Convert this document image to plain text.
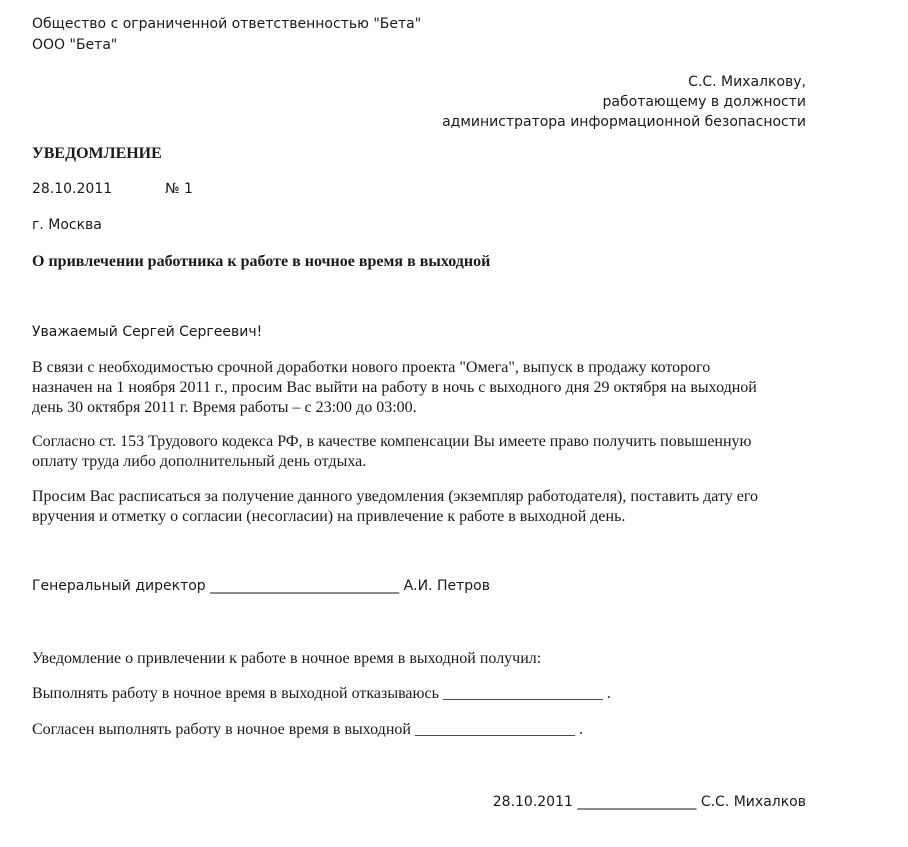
Общество с ограниченной ответственностью "Бета"

ООО "Бета"

С.С. Михалкову,
работающему в должности
администратора информационной безопасности

УВЕДОМЛЕНИЕ

28.10.2011	№ 1

г. Москва

О привлечении работника к работе в ночное время в выходной

Уважаемый Сергей Сергеевич!

В связи с необходимостью срочной доработки нового проекта "Омега", выпуск в продажу которого
назначен на 1 ноября 2011 г., просим Вас выйти на работу в ночь с выходного дня 29 октября на выходной
день 30 октября 2011 г. Время работы – с 23:00 до 03:00.
Согласно ст. 153 Трудового кодекса РФ, в качестве компенсации Вы имеете право получить повышенную
оплату труда либо дополнительный день отдыха.
Просим Вас расписаться за получение данного уведомления (экземпляр работодателя), поставить дату его
вручения и отметку о согласии (несогласии) на привлечение к работе в выходной день.

Генеральный директор ___________________________ А.И. Петров

Уведомление о привлечении к работе в ночное время в выходной получил:

Выполнять работу в ночное время в выходной отказываюсь ____________________ .

Согласен выполнять работу в ночное время в выходной ____________________ .

28.10.2011 _________________ С.С. Михалков
